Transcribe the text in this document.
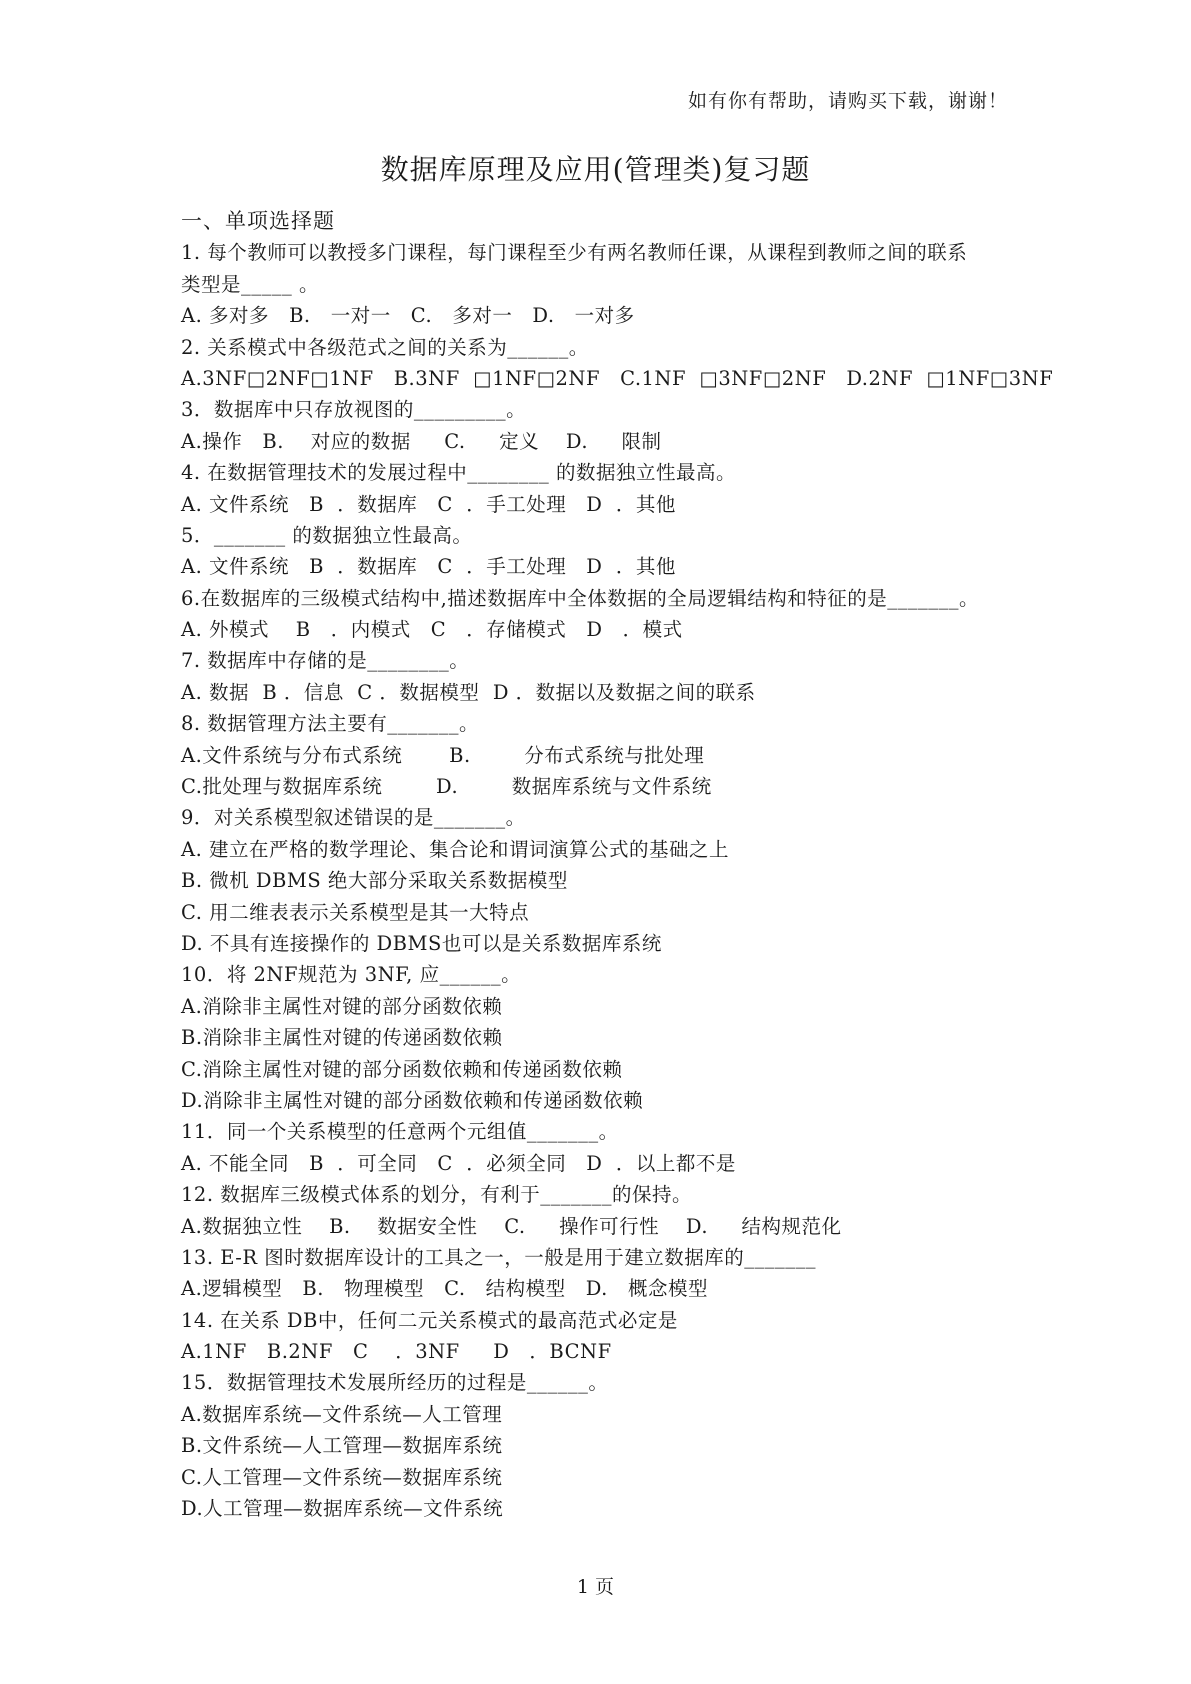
如有你有帮助，请购买下载，谢谢！
数据库原理及应用(管理类)复习题
一、单项选择题
1. 每个教师可以教授多门课程，每门课程至少有两名教师任课，从课程到教师之间的联系
类型是_____ 。
A. 多对多   B.   一对一   C.   多对一   D.   一对多
2. 关系模式中各级范式之间的关系为______。
A.3NF□2NF□1NF   B.3NF  □1NF□2NF   C.1NF  □3NF□2NF   D.2NF  □1NF□3NF
3．数据库中只存放视图的_________。
A.操作   B.    对应的数据     C.     定义    D.     限制
4. 在数据管理技术的发展过程中________ 的数据独立性最高。
A. 文件系统   B  ．数据库   C  ．手工处理   D  ．其他
5．_______ 的数据独立性最高。
A. 文件系统   B  ．数据库   C  ．手工处理   D  ．其他
6.在数据库的三级模式结构中,描述数据库中全体数据的全局逻辑结构和特征的是_______。
A. 外模式    B   ．内模式   C   ．存储模式   D   ．模式
7. 数据库中存储的是________。
A. 数据  B ．信息  C ．数据模型  D ．数据以及数据之间的联系
8. 数据管理方法主要有_______。
A.文件系统与分布式系统       B.        分布式系统与批处理
C.批处理与数据库系统        D.        数据库系统与文件系统
9．对关系模型叙述错误的是_______。
A. 建立在严格的数学理论、集合论和谓词演算公式的基础之上
B. 微机 DBMS 绝大部分采取关系数据模型
C. 用二维表表示关系模型是其一大特点
D. 不具有连接操作的 DBMS也可以是关系数据库系统
10．将 2NF规范为 3NF, 应______。
A.消除非主属性对键的部分函数依赖
B.消除非主属性对键的传递函数依赖
C.消除主属性对键的部分函数依赖和传递函数依赖
D.消除非主属性对键的部分函数依赖和传递函数依赖
11．同一个关系模型的任意两个元组值_______。
A. 不能全同   B  ．可全同   C  ．必须全同   D  ．以上都不是
12. 数据库三级模式体系的划分，有利于_______的保持。
A.数据独立性    B.    数据安全性    C.     操作可行性    D.     结构规范化
13. E-R 图时数据库设计的工具之一，一般是用于建立数据库的_______
A.逻辑模型   B.   物理模型   C.   结构模型   D.   概念模型
14. 在关系 DB中，任何二元关系模式的最高范式必定是
A.1NF   B.2NF   C    ．3NF     D   ．BCNF
15．数据管理技术发展所经历的过程是______。
A.数据库系统—文件系统—人工管理
B.文件系统—人工管理—数据库系统
C.人工管理—文件系统—数据库系统
D.人工管理—数据库系统—文件系统
1 页
